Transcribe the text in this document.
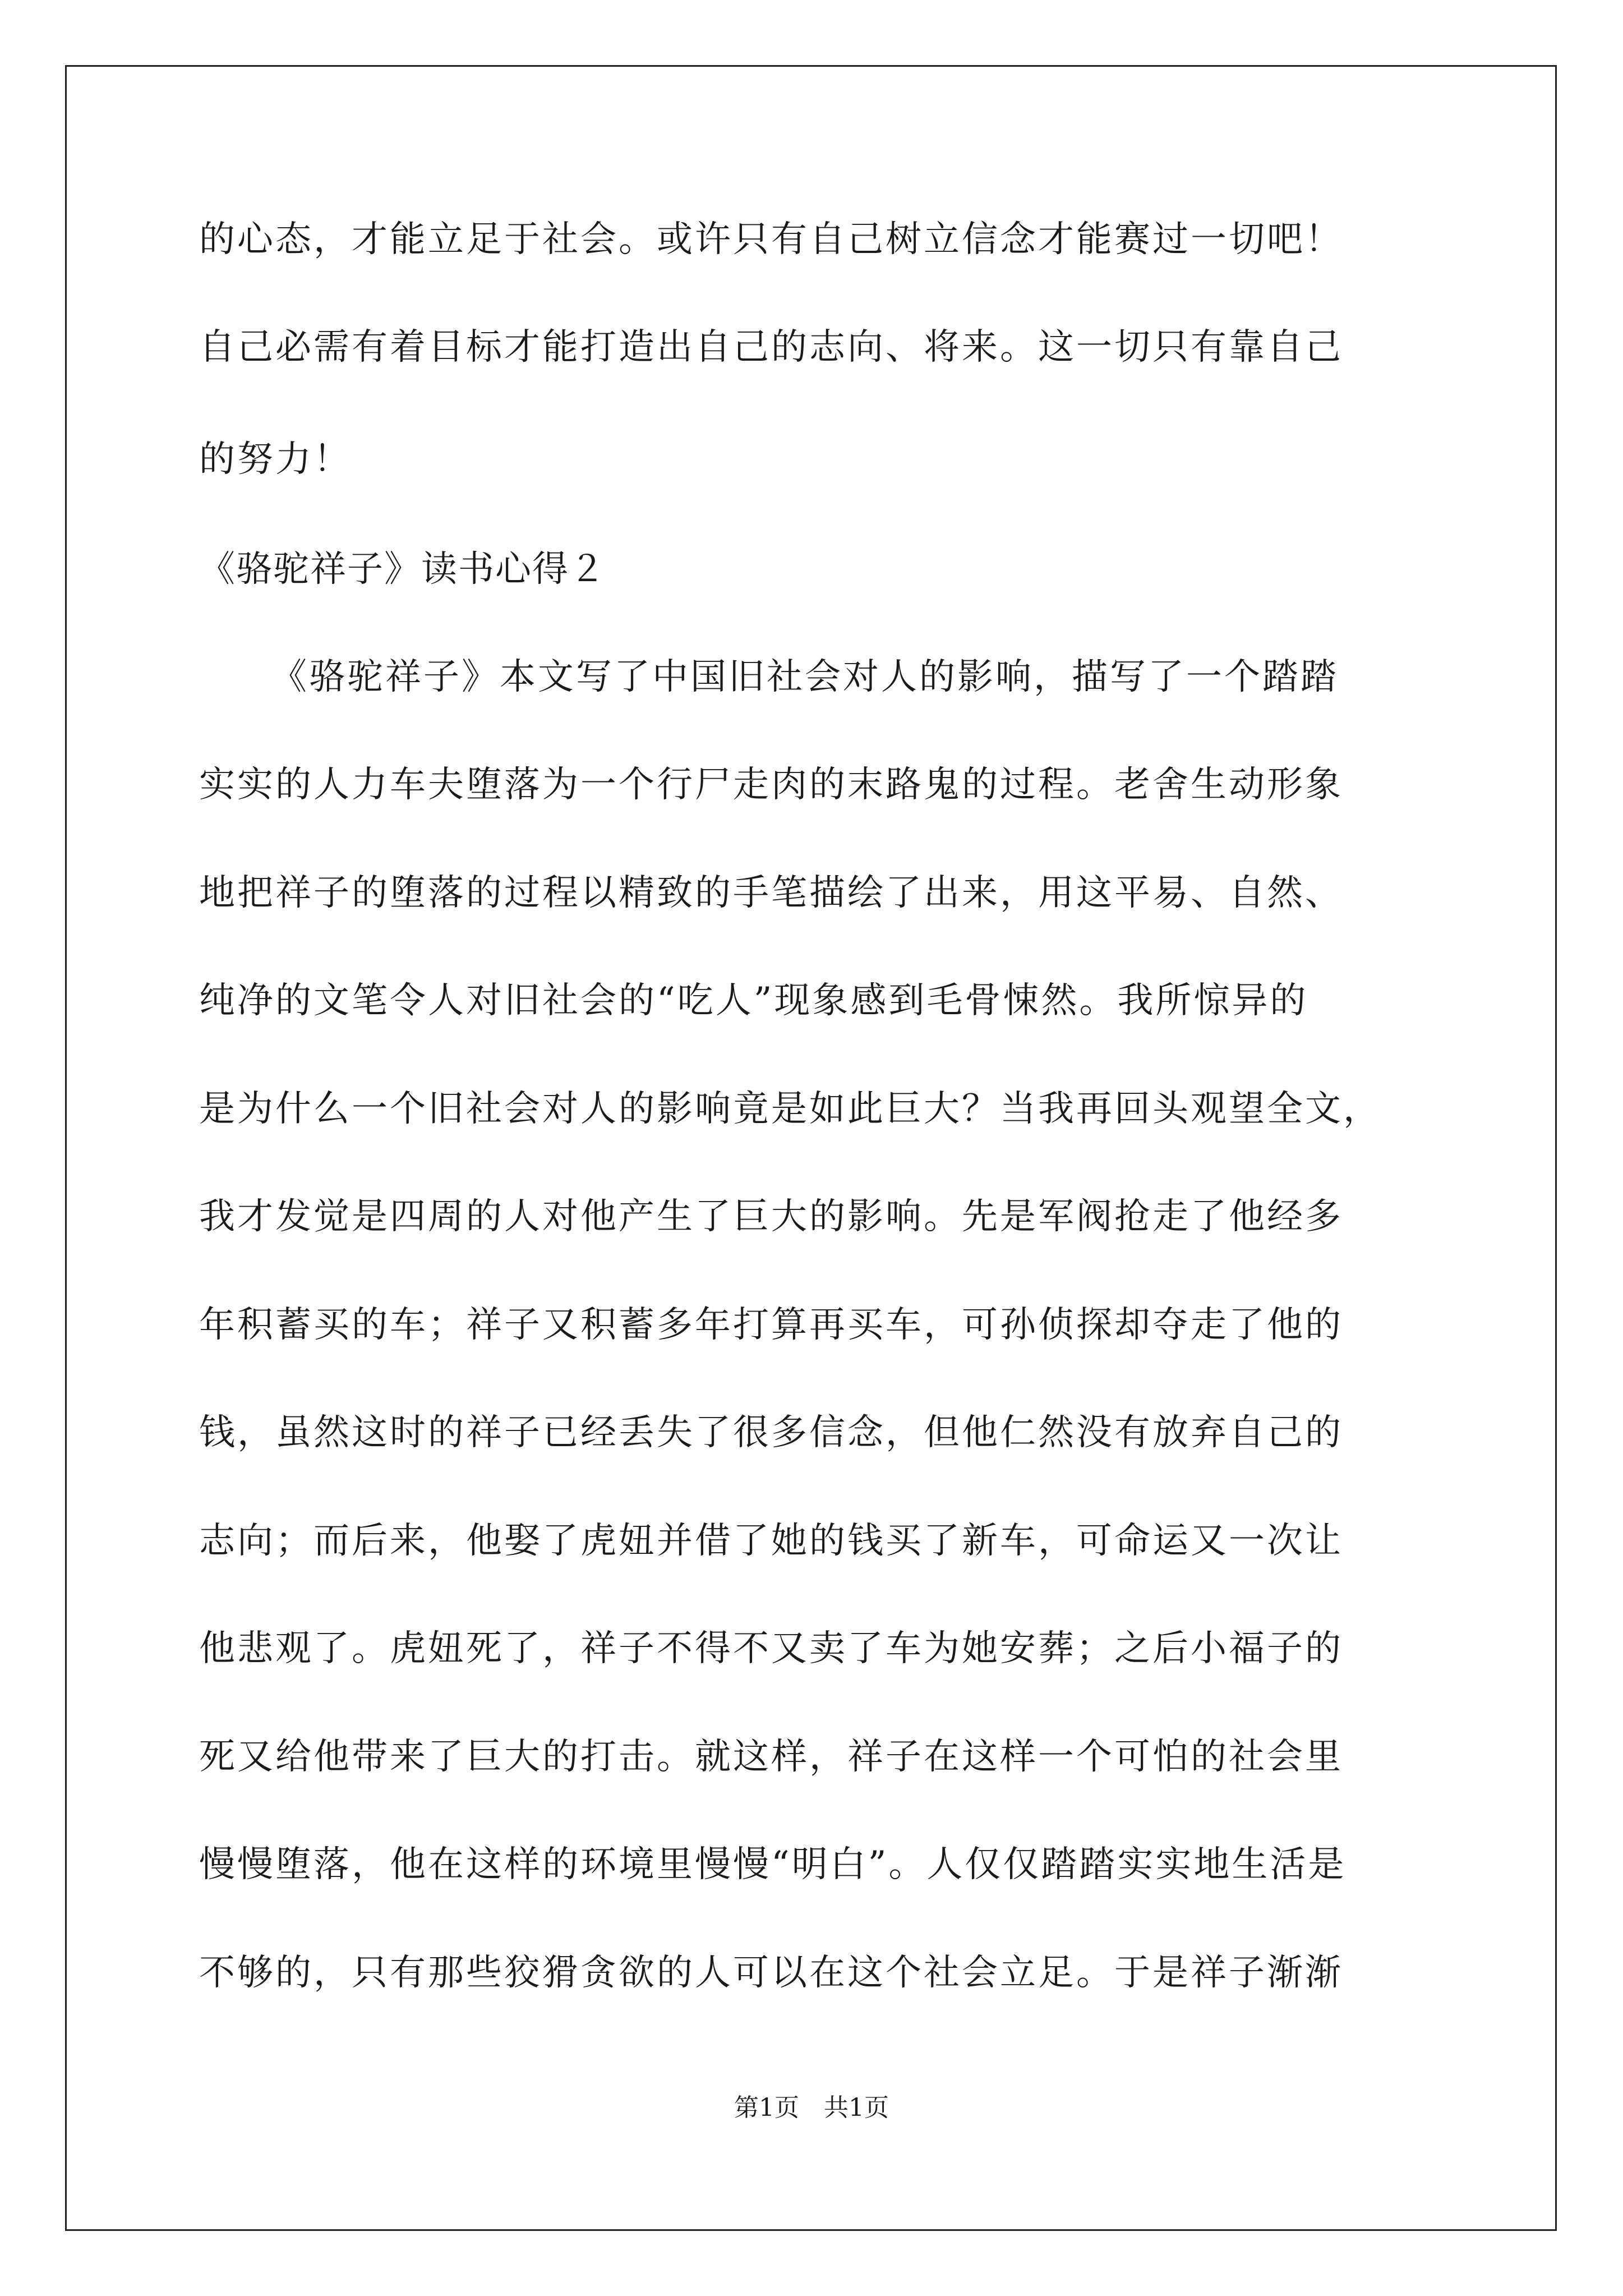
的心态，才能立足于社会。或许只有自己树立信念才能赛过一切吧！
自己必需有着目标才能打造出自己的志向、将来。这一切只有靠自己
的努力！
《骆驼祥子》读书心得２
《骆驼祥子》本文写了中国旧社会对人的影响，描写了一个踏踏
实实的人力车夫堕落为一个行尸走肉的末路鬼的过程。老舍生动形象
地把祥子的堕落的过程以精致的手笔描绘了出来，用这平易、自然、
纯净的文笔令人对旧社会的“吃人”现象感到毛骨悚然。我所惊异的
是为什么一个旧社会对人的影响竟是如此巨大？当我再回头观望全文，
我才发觉是四周的人对他产生了巨大的影响。先是军阀抢走了他经多
年积蓄买的车；祥子又积蓄多年打算再买车，可孙侦探却夺走了他的
钱，虽然这时的祥子已经丢失了很多信念，但他仁然没有放弃自己的
志向；而后来，他娶了虎妞并借了她的钱买了新车，可命运又一次让
他悲观了。虎妞死了，祥子不得不又卖了车为她安葬；之后小福子的
死又给他带来了巨大的打击。就这样，祥子在这样一个可怕的社会里
慢慢堕落，他在这样的环境里慢慢“明白”。人仅仅踏踏实实地生活是
不够的，只有那些狡猾贪欲的人可以在这个社会立足。于是祥子渐渐
第1页　共1页
